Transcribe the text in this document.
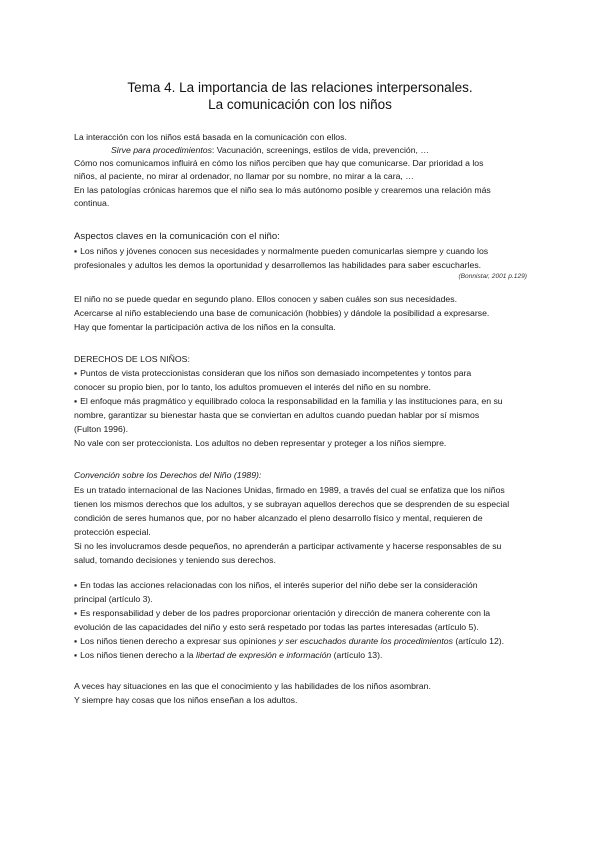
Tema 4. La importancia de las relaciones interpersonales.
La comunicación con los niños
La interacción con los niños está basada en la comunicación con ellos.
Sirve para procedimientos: Vacunación, screenings, estilos de vida, prevención, …
Cómo nos comunicamos influirá en cómo los niños perciben que hay que comunicarse. Dar prioridad a los
niños, al paciente, no mirar al ordenador, no llamar por su nombre, no mirar a la cara, …
En las patologías crónicas haremos que el niño sea lo más autónomo posible y crearemos una relación más
continua.
Aspectos claves en la comunicación con el niño:
▪ Los niños y jóvenes conocen sus necesidades y normalmente pueden comunicarlas siempre y cuando los
profesionales y adultos les demos la oportunidad y desarrollemos las habilidades para saber escucharles.
(Bonnistar, 2001 p.129)
El niño no se puede quedar en segundo plano. Ellos conocen y saben cuáles son sus necesidades.
Acercarse al niño estableciendo una base de comunicación (hobbies) y dándole la posibilidad a expresarse.
Hay que fomentar la participación activa de los niños en la consulta.
DERECHOS DE LOS NIÑOS:
▪ Puntos de vista proteccionistas consideran que los niños son demasiado incompetentes y tontos para
conocer su propio bien, por lo tanto, los adultos promueven el interés del niño en su nombre.
▪ El enfoque más pragmático y equilibrado coloca la responsabilidad en la familia y las instituciones para, en su
nombre, garantizar su bienestar hasta que se conviertan en adultos cuando puedan hablar por sí mismos
(Fulton 1996).
No vale con ser proteccionista. Los adultos no deben representar y proteger a los niños siempre.
Convención sobre los Derechos del Niño (1989):
Es un tratado internacional de las Naciones Unidas, firmado en 1989, a través del cual se enfatiza que los niños
tienen los mismos derechos que los adultos, y se subrayan aquellos derechos que se desprenden de su especial
condición de seres humanos que, por no haber alcanzado el pleno desarrollo físico y mental, requieren de
protección especial.
Si no les involucramos desde pequeños, no aprenderán a participar activamente y hacerse responsables de su
salud, tomando decisiones y teniendo sus derechos.
▪ En todas las acciones relacionadas con los niños, el interés superior del niño debe ser la consideración
principal (artículo 3).
▪ Es responsabilidad y deber de los padres proporcionar orientación y dirección de manera coherente con la
evolución de las capacidades del niño y esto será respetado por todas las partes interesadas (artículo 5).
▪ Los niños tienen derecho a expresar sus opiniones y ser escuchados durante los procedimientos (artículo 12).
▪ Los niños tienen derecho a la libertad de expresión e información (artículo 13).
A veces hay situaciones en las que el conocimiento y las habilidades de los niños asombran.
Y siempre hay cosas que los niños enseñan a los adultos.
